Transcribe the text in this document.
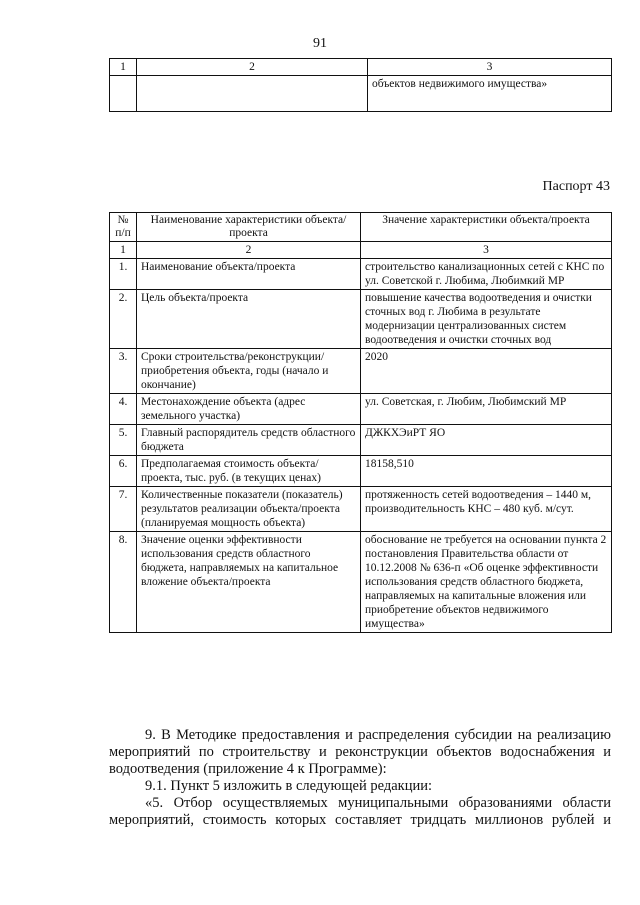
91
1	2	3
		объектов недвижимого имущества»
Паспорт 43
№ п/п	Наименование характеристики объекта/проекта	Значение характеристики объекта/проекта
1	2	3
1.	Наименование объекта/проекта	строительство канализационных сетей с КНС по ул. Советской г. Любима, Любимкий МР
2.	Цель объекта/проекта	повышение качества водоотведения и очистки сточных вод г. Любима в результате модернизации централизованных систем водоотведения и очистки сточных вод
3.	Сроки строительства/реконструкции/приобретения объекта, годы (начало и окончание)	2020
4.	Местонахождение объекта (адрес земельного участка)	ул. Советская, г. Любим, Любимский МР
5.	Главный распорядитель средств областного бюджета	ДЖКХЭиРТ ЯО
6.	Предполагаемая стоимость объекта/проекта, тыс. руб. (в текущих ценах)	18158,510
7.	Количественные показатели (показатель) результатов реализации объекта/проекта (планируемая мощность объекта)	протяженность сетей водоотведения – 1440 м, производительность КНС – 480 куб. м/сут.
8.	Значение оценки эффективности использования средств областного бюджета, направляемых на капитальное вложение объекта/проекта	обоснование не требуется на основании пункта 2 постановления Правительства области от 10.12.2008 № 636-п «Об оценке эффективности использования средств областного бюджета, направляемых на капитальные вложения или приобретение объектов недвижимого имущества»

9. В Методике предоставления и распределения субсидии на реализацию мероприятий по строительству и реконструкции объектов водоснабжения и водоотведения (приложение 4 к Программе):

9.1. Пункт 5 изложить в следующей редакции:

«5. Отбор осуществляемых муниципальными образованиями области мероприятий, стоимость которых составляет тридцать миллионов рублей и
